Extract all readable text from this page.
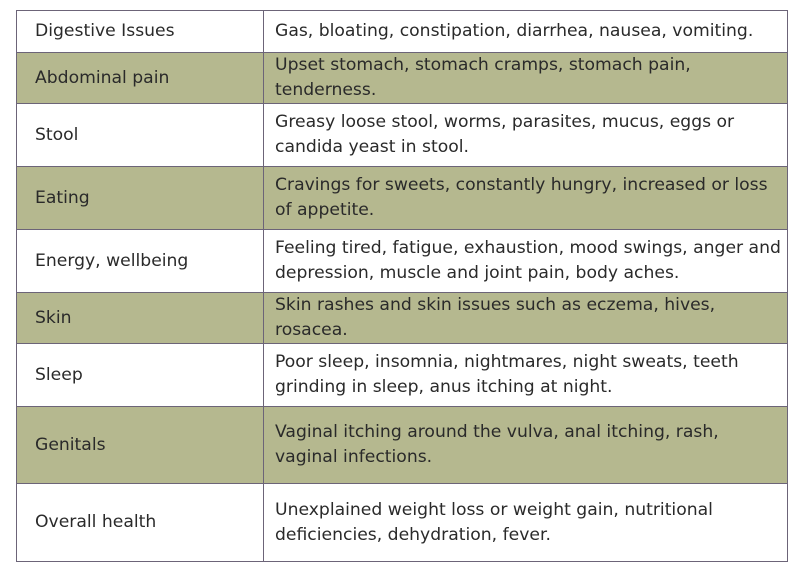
Digestive Issues	Gas, bloating, constipation, diarrhea, nausea, vomiting.
Abdominal pain	Upset stomach, stomach cramps, stomach pain, tenderness.
Stool	Greasy loose stool, worms, parasites, mucus, eggs or candida yeast in stool.
Eating	Cravings for sweets, constantly hungry, increased or loss of appetite.
Energy, wellbeing	Feeling tired, fatigue, exhaustion, mood swings, anger and depression, muscle and joint pain, body aches.
Skin	Skin rashes and skin issues such as eczema, hives, rosacea.
Sleep	Poor sleep, insomnia, nightmares, night sweats, teeth grinding in sleep, anus itching at night.
Genitals	Vaginal itching around the vulva, anal itching, rash, vaginal infections.
Overall health	Unexplained weight loss or weight gain, nutritional deficiencies, dehydration, fever.
